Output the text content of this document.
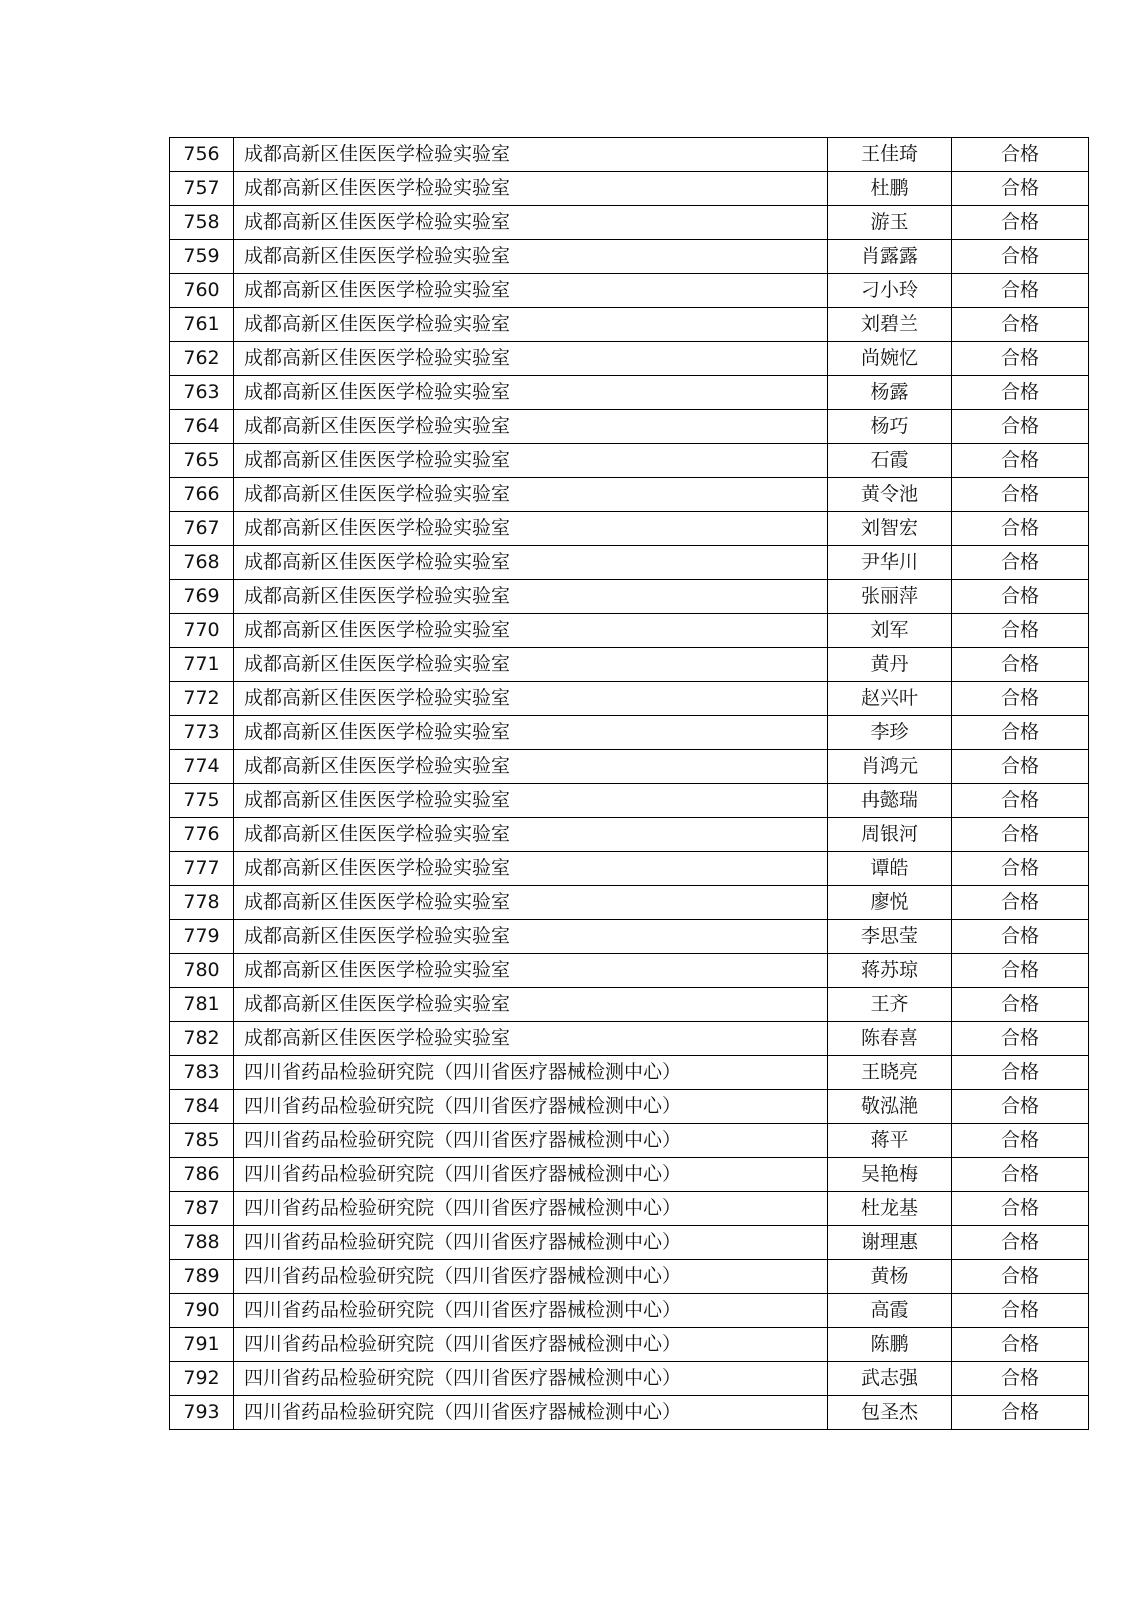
756	成都高新区佳医医学检验实验室	王佳琦	合格
757	成都高新区佳医医学检验实验室	杜鹏	合格
758	成都高新区佳医医学检验实验室	游玉	合格
759	成都高新区佳医医学检验实验室	肖露露	合格
760	成都高新区佳医医学检验实验室	刁小玲	合格
761	成都高新区佳医医学检验实验室	刘碧兰	合格
762	成都高新区佳医医学检验实验室	尚婉忆	合格
763	成都高新区佳医医学检验实验室	杨露	合格
764	成都高新区佳医医学检验实验室	杨巧	合格
765	成都高新区佳医医学检验实验室	石霞	合格
766	成都高新区佳医医学检验实验室	黄令池	合格
767	成都高新区佳医医学检验实验室	刘智宏	合格
768	成都高新区佳医医学检验实验室	尹华川	合格
769	成都高新区佳医医学检验实验室	张丽萍	合格
770	成都高新区佳医医学检验实验室	刘军	合格
771	成都高新区佳医医学检验实验室	黄丹	合格
772	成都高新区佳医医学检验实验室	赵兴叶	合格
773	成都高新区佳医医学检验实验室	李珍	合格
774	成都高新区佳医医学检验实验室	肖鸿元	合格
775	成都高新区佳医医学检验实验室	冉懿瑞	合格
776	成都高新区佳医医学检验实验室	周银河	合格
777	成都高新区佳医医学检验实验室	谭皓	合格
778	成都高新区佳医医学检验实验室	廖悦	合格
779	成都高新区佳医医学检验实验室	李思莹	合格
780	成都高新区佳医医学检验实验室	蒋苏琼	合格
781	成都高新区佳医医学检验实验室	王齐	合格
782	成都高新区佳医医学检验实验室	陈春喜	合格
783	四川省药品检验研究院（四川省医疗器械检测中心）	王晓亮	合格
784	四川省药品检验研究院（四川省医疗器械检测中心）	敬泓滟	合格
785	四川省药品检验研究院（四川省医疗器械检测中心）	蒋平	合格
786	四川省药品检验研究院（四川省医疗器械检测中心）	吴艳梅	合格
787	四川省药品检验研究院（四川省医疗器械检测中心）	杜龙基	合格
788	四川省药品检验研究院（四川省医疗器械检测中心）	谢理惠	合格
789	四川省药品检验研究院（四川省医疗器械检测中心）	黄杨	合格
790	四川省药品检验研究院（四川省医疗器械检测中心）	高霞	合格
791	四川省药品检验研究院（四川省医疗器械检测中心）	陈鹏	合格
792	四川省药品检验研究院（四川省医疗器械检测中心）	武志强	合格
793	四川省药品检验研究院（四川省医疗器械检测中心）	包圣杰	合格
